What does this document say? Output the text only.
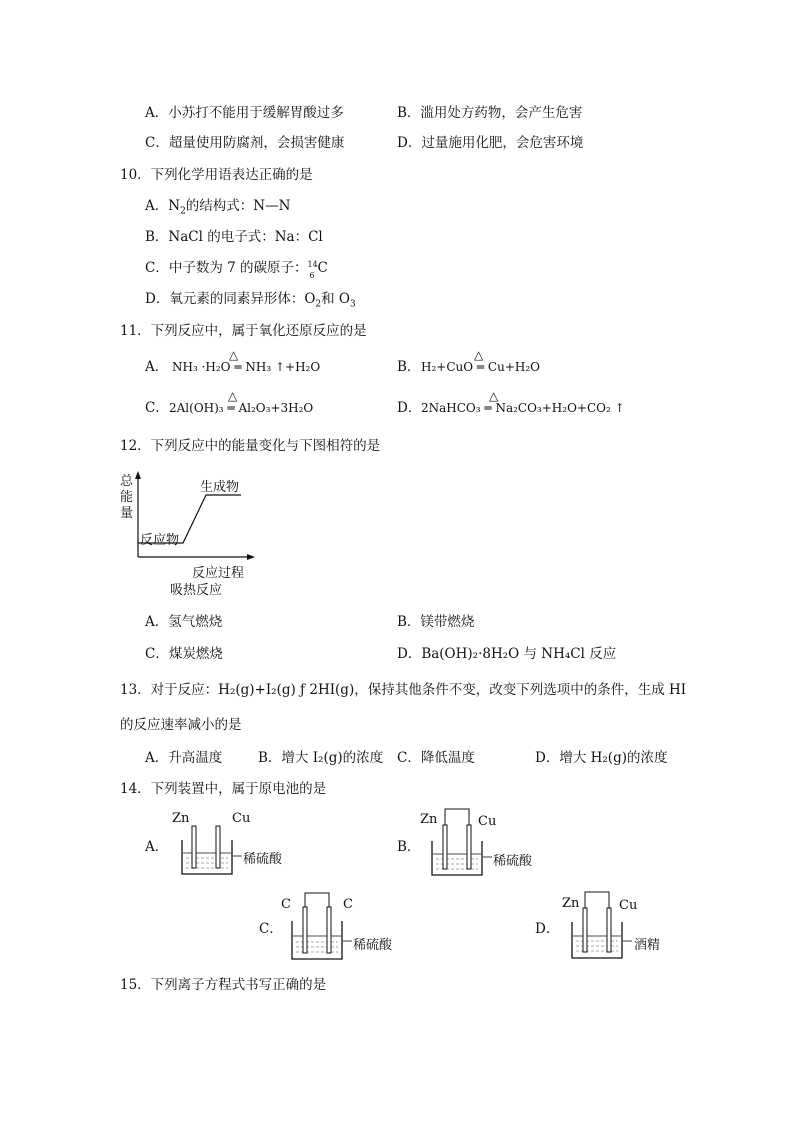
A．小苏打不能用于缓解胃酸过多	B．滥用处方药物，会产生危害
C．超量使用防腐剂，会损害健康	D．过量施用化肥，会危害环境
10．下列化学用语表达正确的是
A．$N_2$的结构式：N—N
B．NaCl 的电子式：Na：Cl
C．中子数为 7 的碳原子： 14
6 C
D．氧元素的同素异形体：$O_2$和 $O_3$
11．下列反应中，属于氧化还原反应的是
A．
△
NH₃ ·H₂O ═ NH₃ ↑+H₂O	B．
△
H₂+CuO ═ Cu+H₂O
C．
△
2Al(OH)₃ ═ Al₂O₃+3H₂O	D．
△
2NaHCO₃ ═ Na₂CO₃+H₂O+CO₂ ↑
12．下列反应中的能量变化与下图相符的是
总
能
量
生成物
反应物
反应过程
吸热反应
A．氢气燃烧	B．镁带燃烧
C．煤炭燃烧	D．Ba(OH)₂·8H₂O 与 NH₄Cl 反应
13．对于反应：H₂(g)+I₂(g) ƒ 2HI(g)，保持其他条件不变，改变下列选项中的条件，生成 HI
的反应速率减小的是
A．升高温度	B．增大 I₂(g)的浓度 C．降低温度	D．增大 H₂(g)的浓度
14．下列装置中，属于原电池的是
A．
Zn	Cu
稀硫酸
B．
Zn	Cu
稀硫酸
C．
C	C
稀硫酸
D．
Zn	Cu
酒精
15．下列离子方程式书写正确的是
